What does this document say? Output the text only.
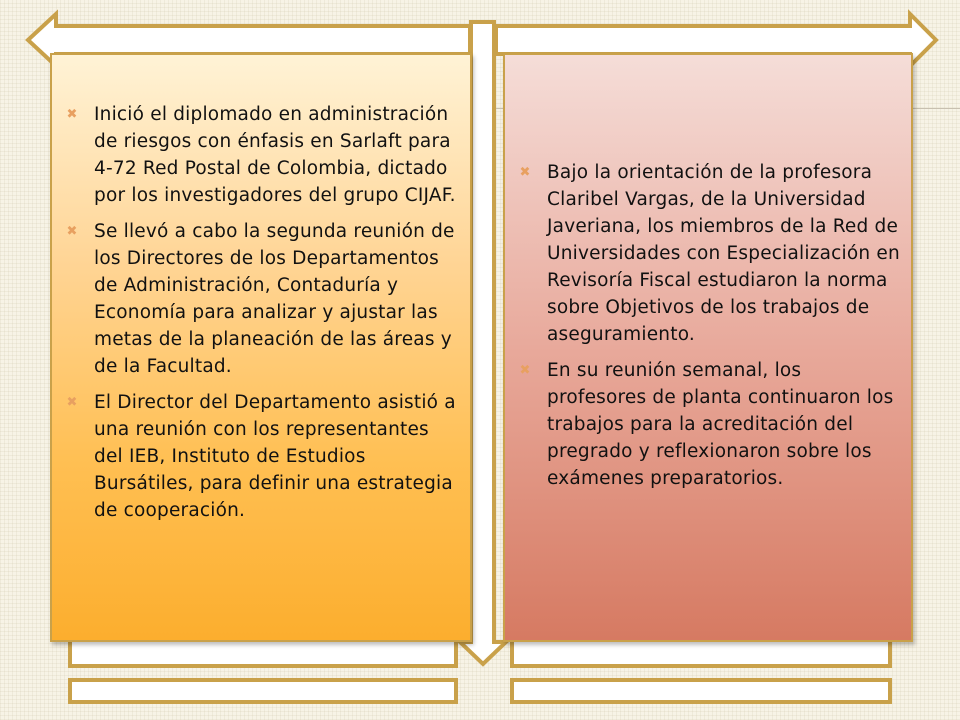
✖ Inició el diplomado en administración de riesgos con énfasis en Sarlaft para 4-72 Red Postal de Colombia, dictado por los investigadores del grupo CIJAF.
✖ Se llevó a cabo la segunda reunión de los Directores de los Departamentos de Administración, Contaduría y Economía para analizar y ajustar las metas de la planeación de las áreas y de la Facultad.
✖ El Director del Departamento asistió a una reunión con los representantes del IEB, Instituto de Estudios Bursátiles, para definir una estrategia de cooperación.
✖ Bajo la orientación de la profesora Claribel Vargas, de la Universidad Javeriana, los miembros de la Red de Universidades con Especialización en Revisoría Fiscal estudiaron la norma sobre Objetivos de los trabajos de aseguramiento.
✖ En su reunión semanal, los profesores de planta continuaron los trabajos para la acreditación del pregrado y reflexionaron sobre los exámenes preparatorios.
